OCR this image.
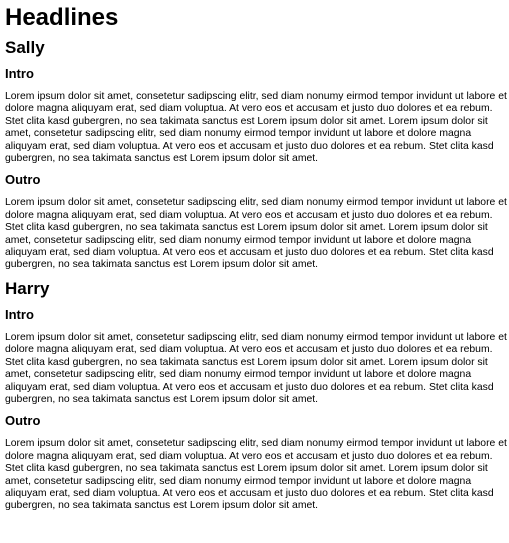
Headlines
Sally
Intro

Lorem ipsum dolor sit amet, consetetur sadipscing elitr, sed diam nonumy eirmod tempor invidunt ut labore et dolore magna aliquyam erat, sed diam voluptua. At vero eos et accusam et justo duo dolores et ea rebum. Stet clita kasd gubergren, no sea takimata sanctus est Lorem ipsum dolor sit amet. Lorem ipsum dolor sit amet, consetetur sadipscing elitr, sed diam nonumy eirmod tempor invidunt ut labore et dolore magna aliquyam erat, sed diam voluptua. At vero eos et accusam et justo duo dolores et ea rebum. Stet clita kasd gubergren, no sea takimata sanctus est Lorem ipsum dolor sit amet.

Outro

Lorem ipsum dolor sit amet, consetetur sadipscing elitr, sed diam nonumy eirmod tempor invidunt ut labore et dolore magna aliquyam erat, sed diam voluptua. At vero eos et accusam et justo duo dolores et ea rebum. Stet clita kasd gubergren, no sea takimata sanctus est Lorem ipsum dolor sit amet. Lorem ipsum dolor sit amet, consetetur sadipscing elitr, sed diam nonumy eirmod tempor invidunt ut labore et dolore magna aliquyam erat, sed diam voluptua. At vero eos et accusam et justo duo dolores et ea rebum. Stet clita kasd gubergren, no sea takimata sanctus est Lorem ipsum dolor sit amet.

Harry
Intro

Lorem ipsum dolor sit amet, consetetur sadipscing elitr, sed diam nonumy eirmod tempor invidunt ut labore et dolore magna aliquyam erat, sed diam voluptua. At vero eos et accusam et justo duo dolores et ea rebum. Stet clita kasd gubergren, no sea takimata sanctus est Lorem ipsum dolor sit amet. Lorem ipsum dolor sit amet, consetetur sadipscing elitr, sed diam nonumy eirmod tempor invidunt ut labore et dolore magna aliquyam erat, sed diam voluptua. At vero eos et accusam et justo duo dolores et ea rebum. Stet clita kasd gubergren, no sea takimata sanctus est Lorem ipsum dolor sit amet.

Outro

Lorem ipsum dolor sit amet, consetetur sadipscing elitr, sed diam nonumy eirmod tempor invidunt ut labore et dolore magna aliquyam erat, sed diam voluptua. At vero eos et accusam et justo duo dolores et ea rebum. Stet clita kasd gubergren, no sea takimata sanctus est Lorem ipsum dolor sit amet. Lorem ipsum dolor sit amet, consetetur sadipscing elitr, sed diam nonumy eirmod tempor invidunt ut labore et dolore magna aliquyam erat, sed diam voluptua. At vero eos et accusam et justo duo dolores et ea rebum. Stet clita kasd gubergren, no sea takimata sanctus est Lorem ipsum dolor sit amet.
